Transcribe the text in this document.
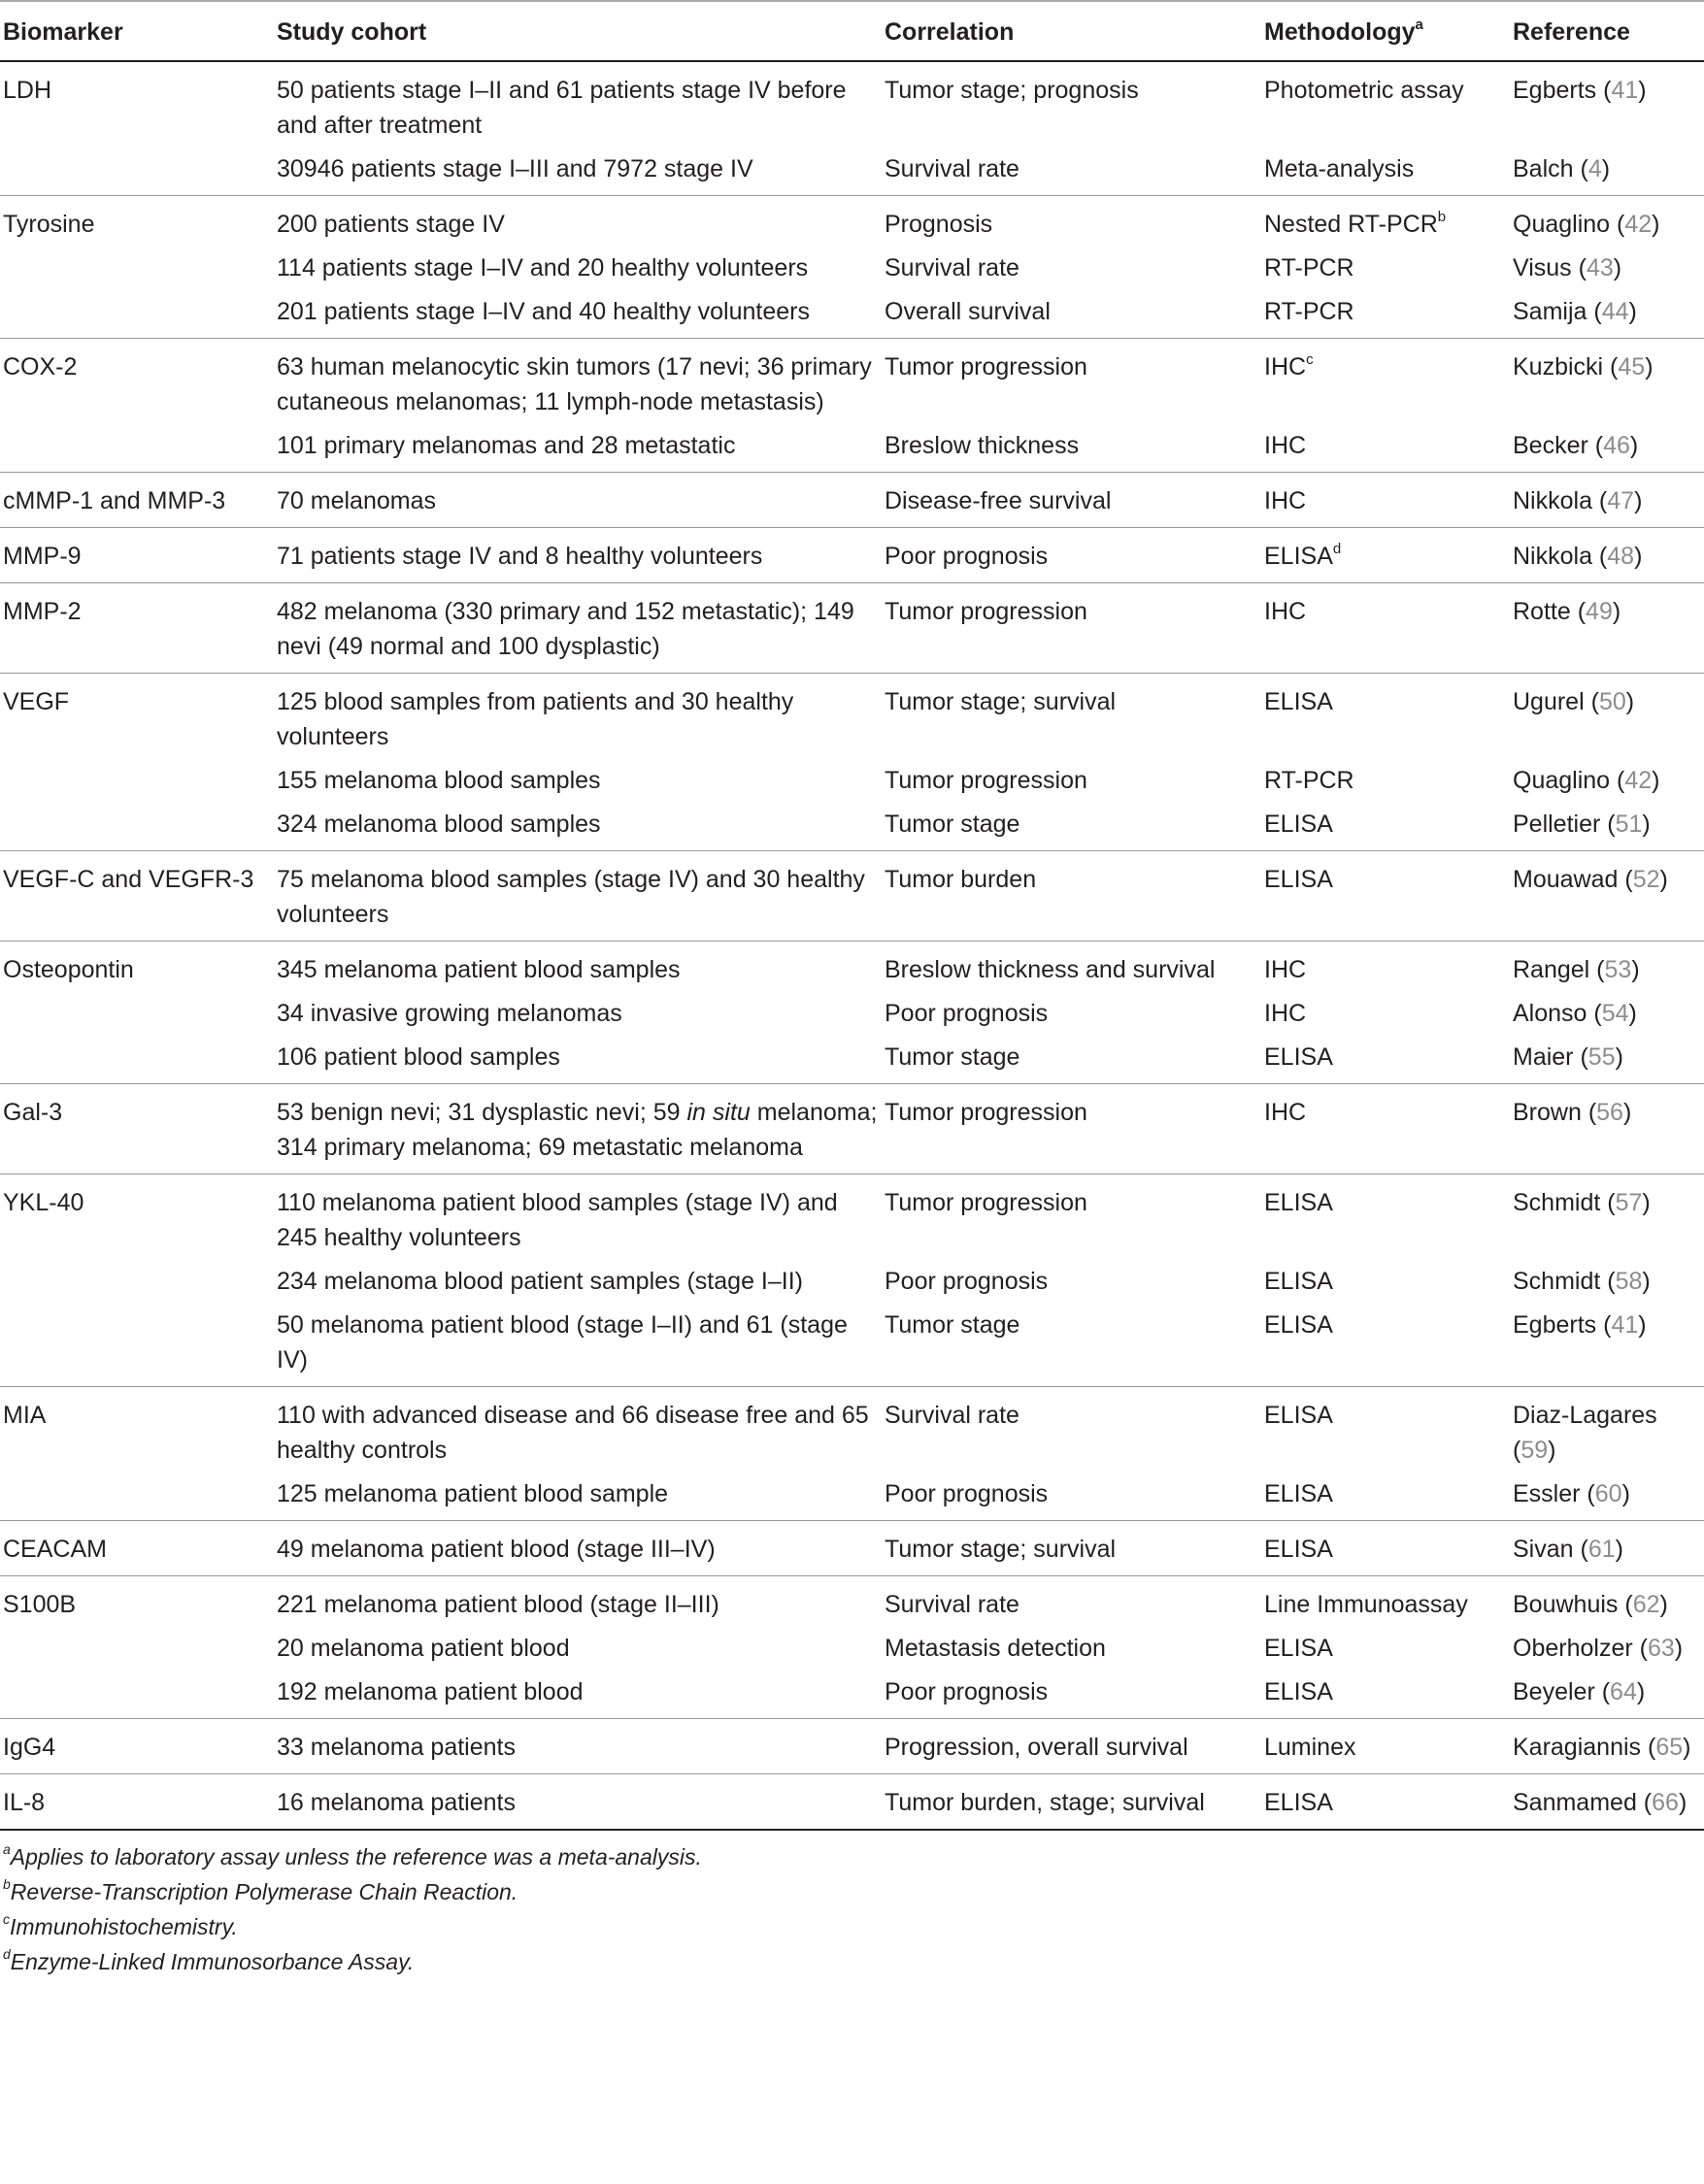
Biomarker	Study cohort	Correlation	Methodology$^a$	Reference
LDH	50 patients stage I–II and 61 patients stage IV before and after treatment	Tumor stage; prognosis	Photometric assay	Egberts (41)
	30946 patients stage I–III and 7972 stage IV	Survival rate	Meta-analysis	Balch (4)
Tyrosine	200 patients stage IV	Prognosis	Nested RT-PCR$^b$	Quaglino (42)
	114 patients stage I–IV and 20 healthy volunteers	Survival rate	RT-PCR	Visus (43)
	201 patients stage I–IV and 40 healthy volunteers	Overall survival	RT-PCR	Samija (44)
COX-2	63 human melanocytic skin tumors (17 nevi; 36 primary cutaneous melanomas; 11 lymph-node metastasis)	Tumor progression	IHC$^c$	Kuzbicki (45)
	101 primary melanomas and 28 metastatic	Breslow thickness	IHC	Becker (46)
cMMP-1 and MMP-3	70 melanomas	Disease-free survival	IHC	Nikkola (47)
MMP-9	71 patients stage IV and 8 healthy volunteers	Poor prognosis	ELISA$^d$	Nikkola (48)
MMP-2	482 melanoma (330 primary and 152 metastatic); 149 nevi (49 normal and 100 dysplastic)	Tumor progression	IHC	Rotte (49)
VEGF	125 blood samples from patients and 30 healthy volunteers	Tumor stage; survival	ELISA	Ugurel (50)
	155 melanoma blood samples	Tumor progression	RT-PCR	Quaglino (42)
	324 melanoma blood samples	Tumor stage	ELISA	Pelletier (51)
VEGF-C and VEGFR-3	75 melanoma blood samples (stage IV) and 30 healthy volunteers	Tumor burden	ELISA	Mouawad (52)
Osteopontin	345 melanoma patient blood samples	Breslow thickness and survival	IHC	Rangel (53)
	34 invasive growing melanomas	Poor prognosis	IHC	Alonso (54)
	106 patient blood samples	Tumor stage	ELISA	Maier (55)
Gal-3	53 benign nevi; 31 dysplastic nevi; 59 in situ melanoma; 314 primary melanoma; 69 metastatic melanoma	Tumor progression	IHC	Brown (56)
YKL-40	110 melanoma patient blood samples (stage IV) and 245 healthy volunteers	Tumor progression	ELISA	Schmidt (57)
	234 melanoma blood patient samples (stage I–II)	Poor prognosis	ELISA	Schmidt (58)
	50 melanoma patient blood (stage I–II) and 61 (stage IV)	Tumor stage	ELISA	Egberts (41)
MIA	110 with advanced disease and 66 disease free and 65 healthy controls	Survival rate	ELISA	Diaz-Lagares (59)
	125 melanoma patient blood sample	Poor prognosis	ELISA	Essler (60)
CEACAM	49 melanoma patient blood (stage III–IV)	Tumor stage; survival	ELISA	Sivan (61)
S100B	221 melanoma patient blood (stage II–III)	Survival rate	Line Immunoassay	Bouwhuis (62)
	20 melanoma patient blood	Metastasis detection	ELISA	Oberholzer (63)
	192 melanoma patient blood	Poor prognosis	ELISA	Beyeler (64)
IgG4	33 melanoma patients	Progression, overall survival	Luminex	Karagiannis (65)
IL-8	16 melanoma patients	Tumor burden, stage; survival	ELISA	Sanmamed (66)
$^a$Applies to laboratory assay unless the reference was a meta-analysis.
$^b$Reverse-Transcription Polymerase Chain Reaction.
$^c$Immunohistochemistry.
$^d$Enzyme-Linked Immunosorbance Assay.
